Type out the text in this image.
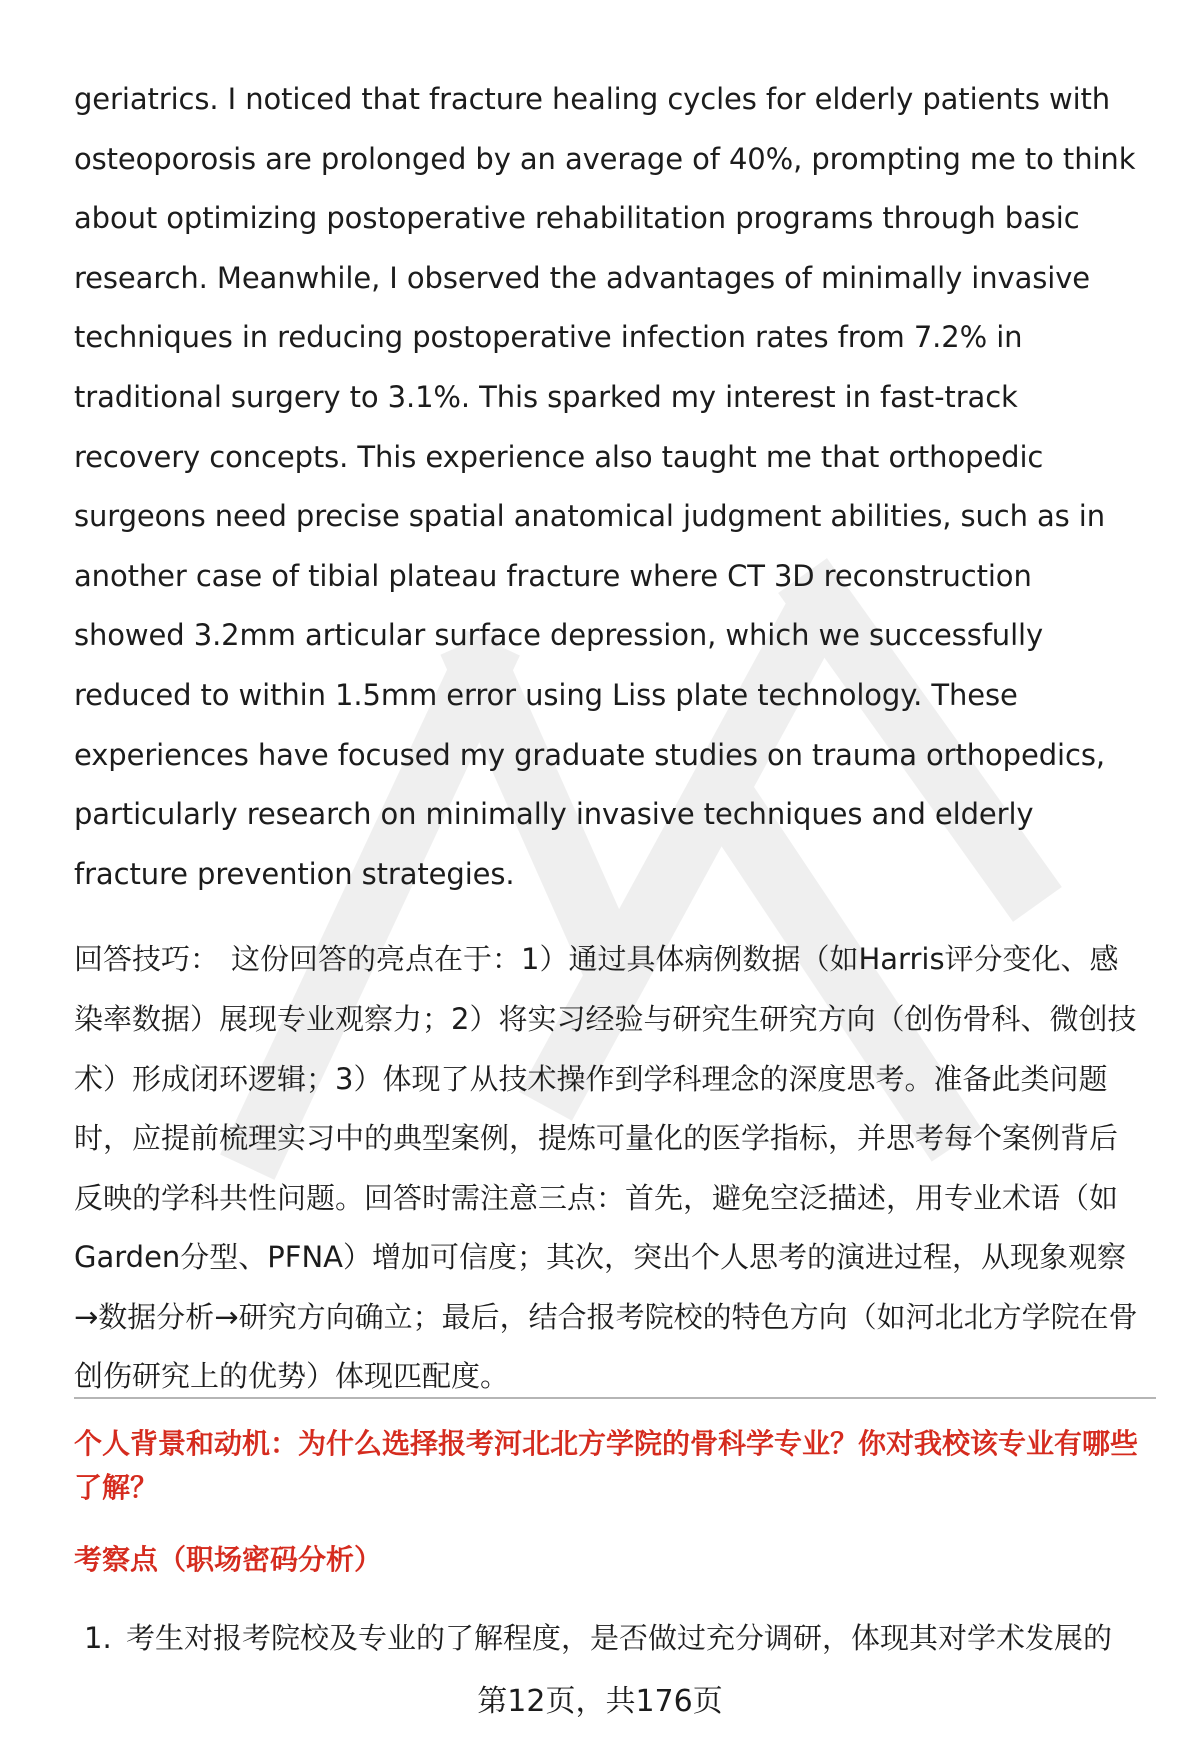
geriatrics. I noticed that fracture healing cycles for elderly patients with osteoporosis are prolonged by an average of 40%, prompting me to think about optimizing postoperative rehabilitation programs through basic research. Meanwhile, I observed the advantages of minimally invasive techniques in reducing postoperative infection rates from 7.2% in traditional surgery to 3.1%. This sparked my interest in fast-track recovery concepts. This experience also taught me that orthopedic surgeons need precise spatial anatomical judgment abilities, such as in another case of tibial plateau fracture where CT 3D reconstruction showed 3.2mm articular surface depression, which we successfully reduced to within 1.5mm error using Liss plate technology. These experiences have focused my graduate studies on trauma orthopedics, particularly research on minimally invasive techniques and elderly fracture prevention strategies.

回答技巧： 这份回答的亮点在于：1）通过具体病例数据（如Harris评分变化、感染率数据）展现专业观察力；2）将实习经验与研究生研究方向（创伤骨科、微创技术）形成闭环逻辑；3）体现了从技术操作到学科理念的深度思考。准备此类问题时，应提前梳理实习中的典型案例，提炼可量化的医学指标，并思考每个案例背后反映的学科共性问题。回答时需注意三点：首先，避免空泛描述，用专业术语（如Garden分型、PFNA）增加可信度；其次，突出个人思考的演进过程，从现象观察→数据分析→研究方向确立；最后，结合报考院校的特色方向（如河北北方学院在骨创伤研究上的优势）体现匹配度。

个人背景和动机：为什么选择报考河北北方学院的骨科学专业？你对我校该专业有哪些了解？
考察点（职场密码分析）
1. 考生对报考院校及专业的了解程度，是否做过充分调研，体现其对学术发展的
第12页，共176页
